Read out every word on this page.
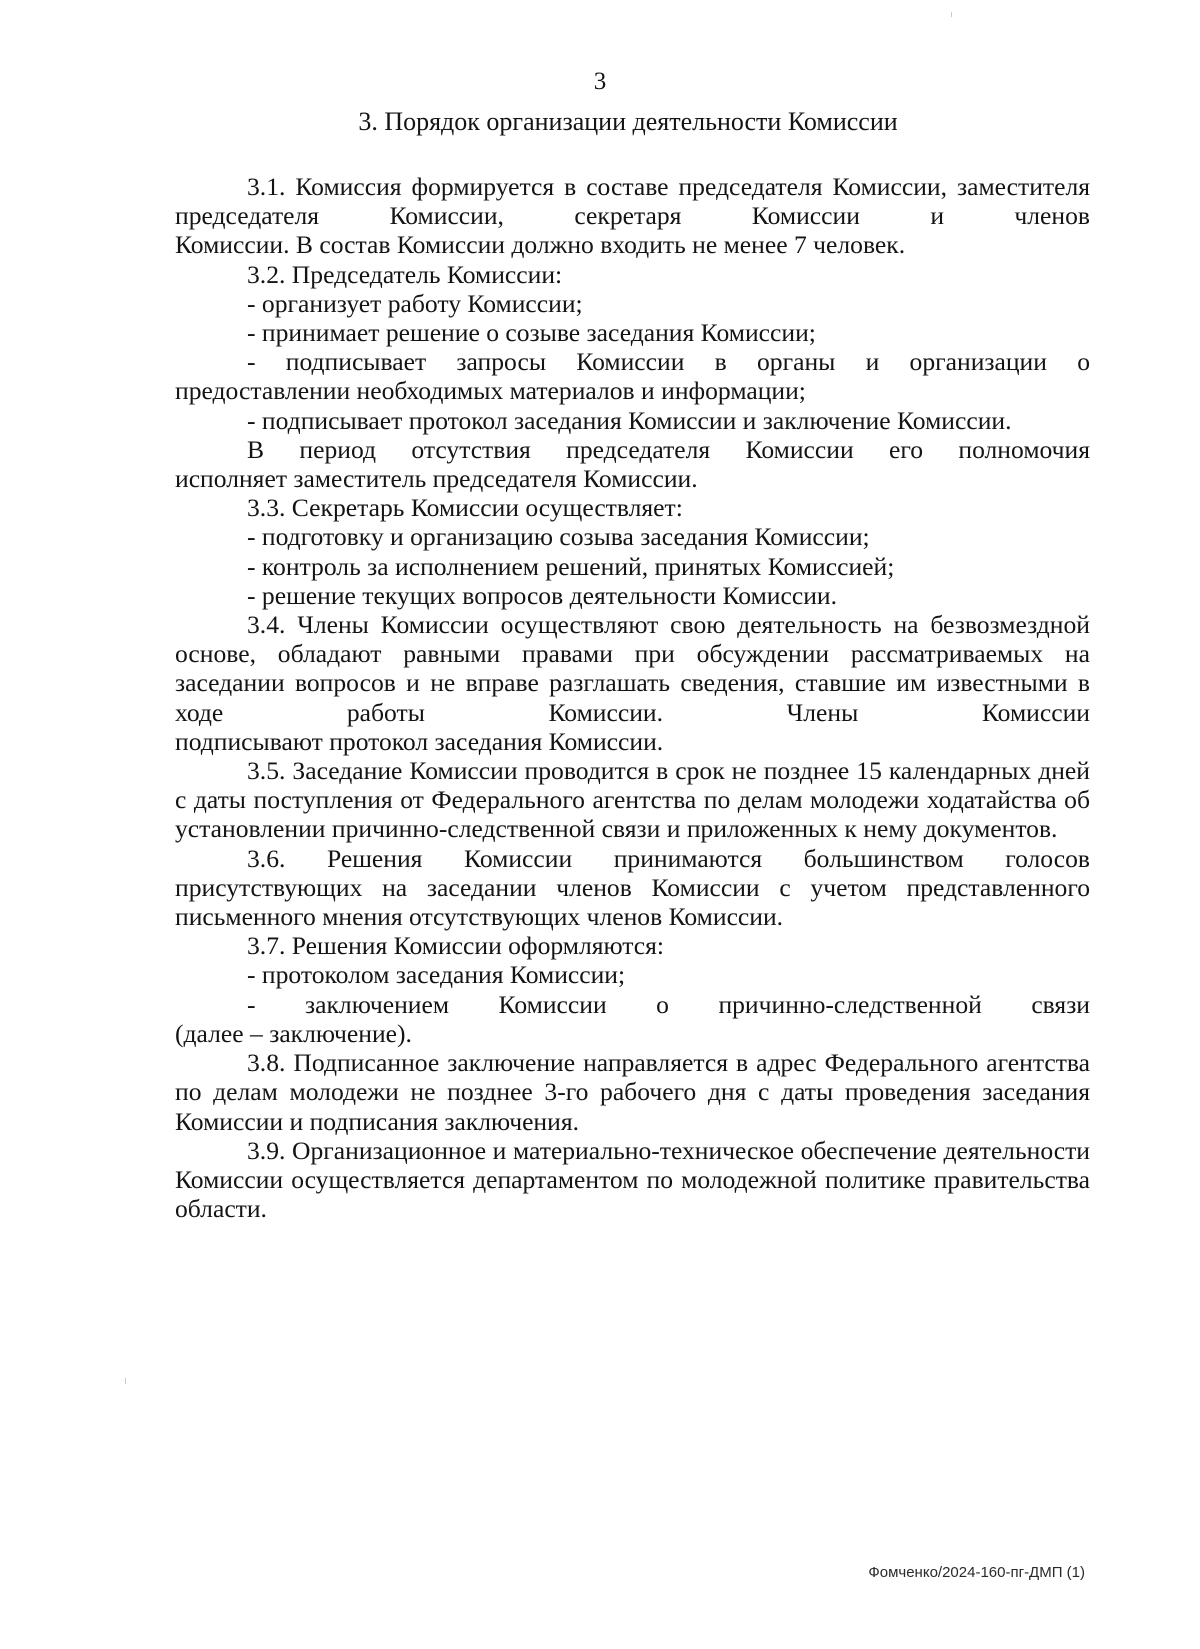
3
3. Порядок организации деятельности Комиссии

3.1. Комиссия формируется в составе председателя Комиссии, заместителя председателя Комиссии, секретаря Комиссии и членов

Комиссии. В состав Комиссии должно входить не менее 7 человек.

3.2. Председатель Комиссии:

- организует работу Комиссии;

- принимает решение о созыве заседания Комиссии;

- подписывает запросы Комиссии в органы и организации о

предоставлении необходимых материалов и информации;

- подписывает протокол заседания Комиссии и заключение Комиссии.

В период отсутствия председателя Комиссии его полномочия

исполняет заместитель председателя Комиссии.

3.3. Секретарь Комиссии осуществляет:

- подготовку и организацию созыва заседания Комиссии;

- контроль за исполнением решений, принятых Комиссией;

- решение текущих вопросов деятельности Комиссии.

3.4. Члены Комиссии осуществляют свою деятельность на безвозмездной основе, обладают равными правами при обсуждении рассматриваемых на заседании вопросов и не вправе разглашать сведения, ставшие им известными в ходе работы Комиссии. Члены Комиссии

подписывают протокол заседания Комиссии.

3.5. Заседание Комиссии проводится в срок не позднее 15 календарных дней с даты поступления от Федерального агентства по делам молодежи ходатайства об установлении причинно-следственной связи и приложенных к нему документов.

3.6. Решения Комиссии принимаются большинством голосов присутствующих на заседании членов Комиссии с учетом представленного письменного мнения отсутствующих членов Комиссии.

3.7. Решения Комиссии оформляются:

- протоколом заседания Комиссии;

- заключением Комиссии о причинно-следственной связи

(далее – заключение).

3.8. Подписанное заключение направляется в адрес Федерального агентства по делам молодежи не позднее 3-го рабочего дня с даты проведения заседания Комиссии и подписания заключения.

3.9. Организационное и материально-техническое обеспечение деятельности Комиссии осуществляется департаментом по молодежной политике правительства области.

Фомченко/2024-160-пг-ДМП (1)
